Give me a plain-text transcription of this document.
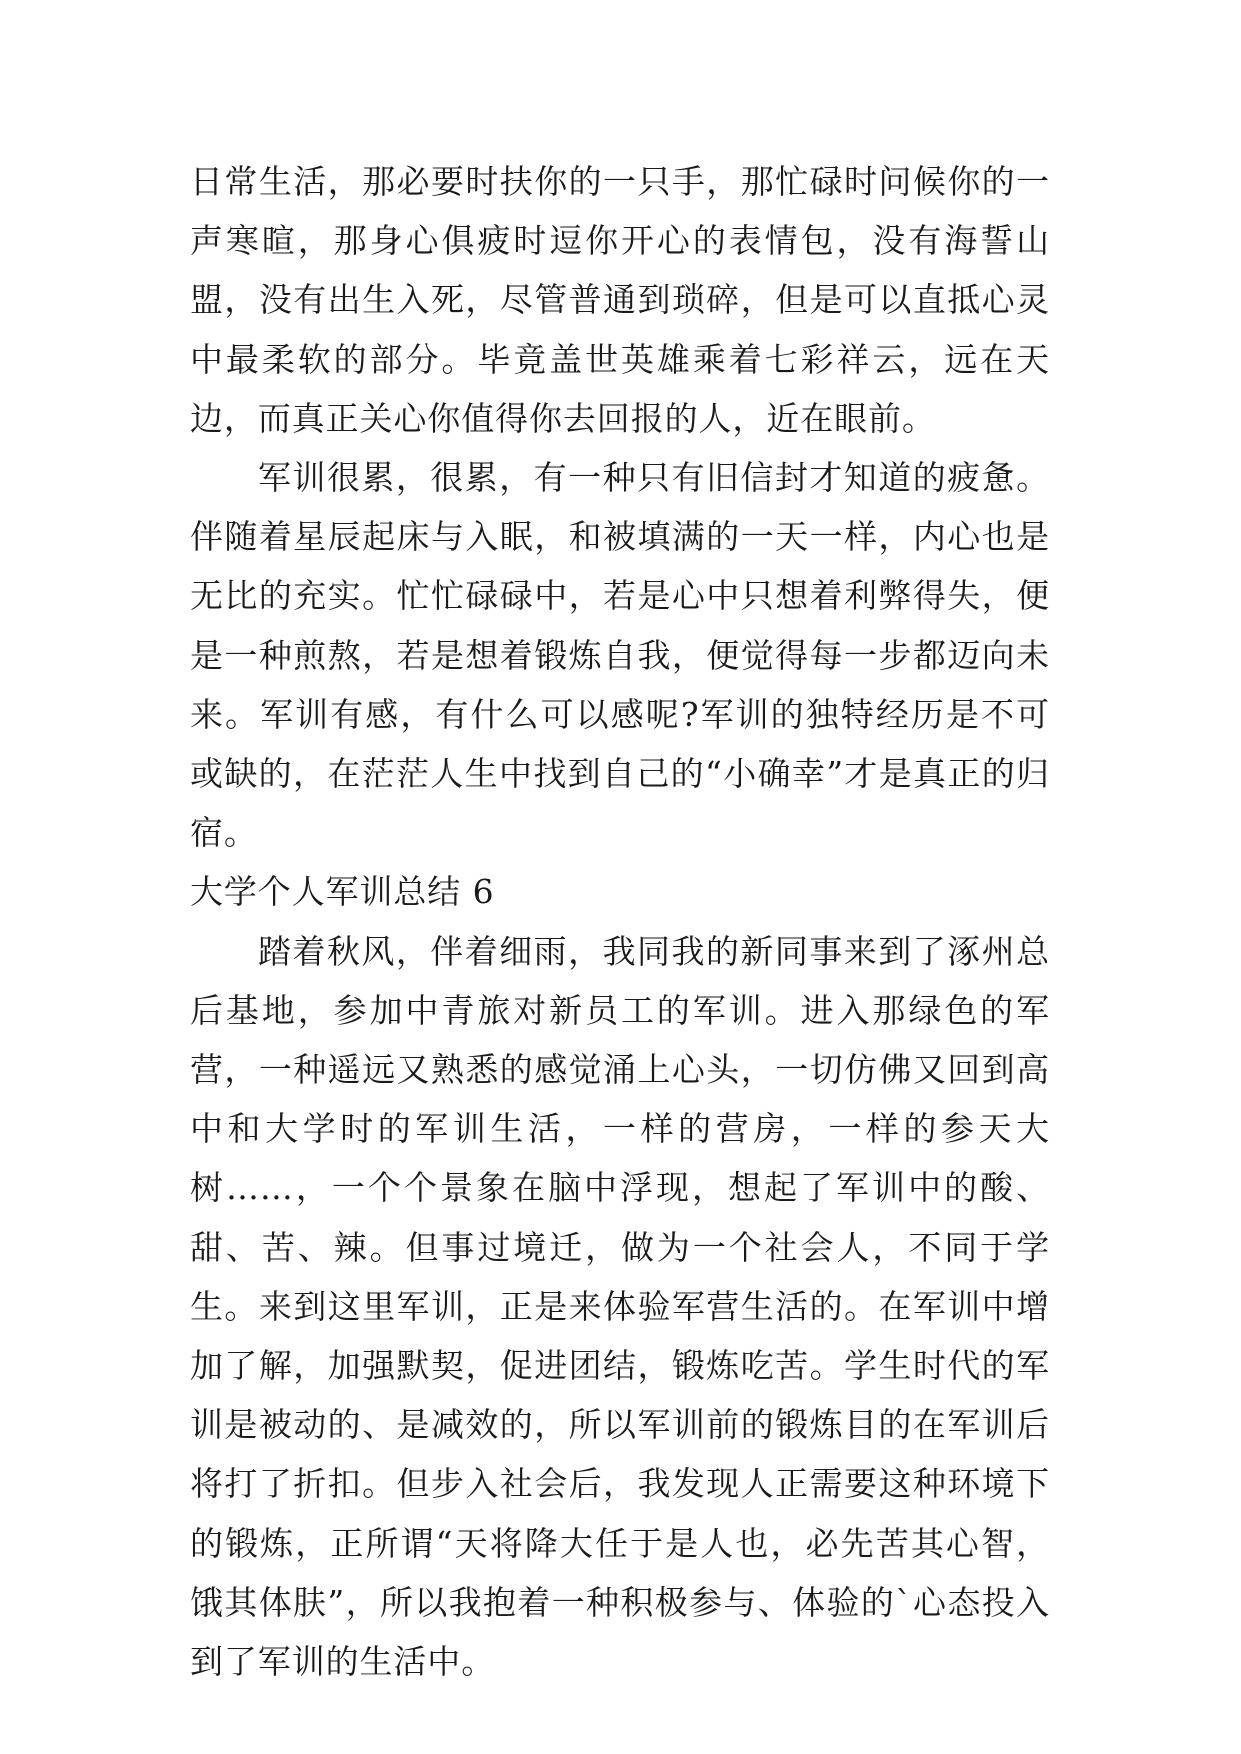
日常生活，那必要时扶你的一只手，那忙碌时问候你的一声寒暄，那身心俱疲时逗你开心的表情包，没有海誓山盟，没有出生入死，尽管普通到琐碎，但是可以直抵心灵中最柔软的部分。毕竟盖世英雄乘着七彩祥云，远在天边，而真正关心你值得你去回报的人，近在眼前。

军训很累，很累，有一种只有旧信封才知道的疲惫。伴随着星辰起床与入眠，和被填满的一天一样，内心也是无比的充实。忙忙碌碌中，若是心中只想着利弊得失，便是一种煎熬，若是想着锻炼自我，便觉得每一步都迈向未来。军训有感，有什么可以感呢?军训的独特经历是不可或缺的，在茫茫人生中找到自己的“小确幸”才是真正的归宿。

大学个人军训总结 6

踏着秋风，伴着细雨，我同我的新同事来到了涿州总后基地，参加中青旅对新员工的军训。进入那绿色的军营，一种遥远又熟悉的感觉涌上心头，一切仿佛又回到高中和大学时的军训生活，一样的营房，一样的参天大树……，一个个景象在脑中浮现，想起了军训中的酸、甜、苦、辣。但事过境迁，做为一个社会人，不同于学生。来到这里军训，正是来体验军营生活的。在军训中增加了解，加强默契，促进团结，锻炼吃苦。学生时代的军训是被动的、是减效的，所以军训前的锻炼目的在军训后将打了折扣。但步入社会后，我发现人正需要这种环境下的锻炼，正所谓“天将降大任于是人也，必先苦其心智，饿其体肤”，所以我抱着一种积极参与、体验的`心态投入到了军训的生活中。
